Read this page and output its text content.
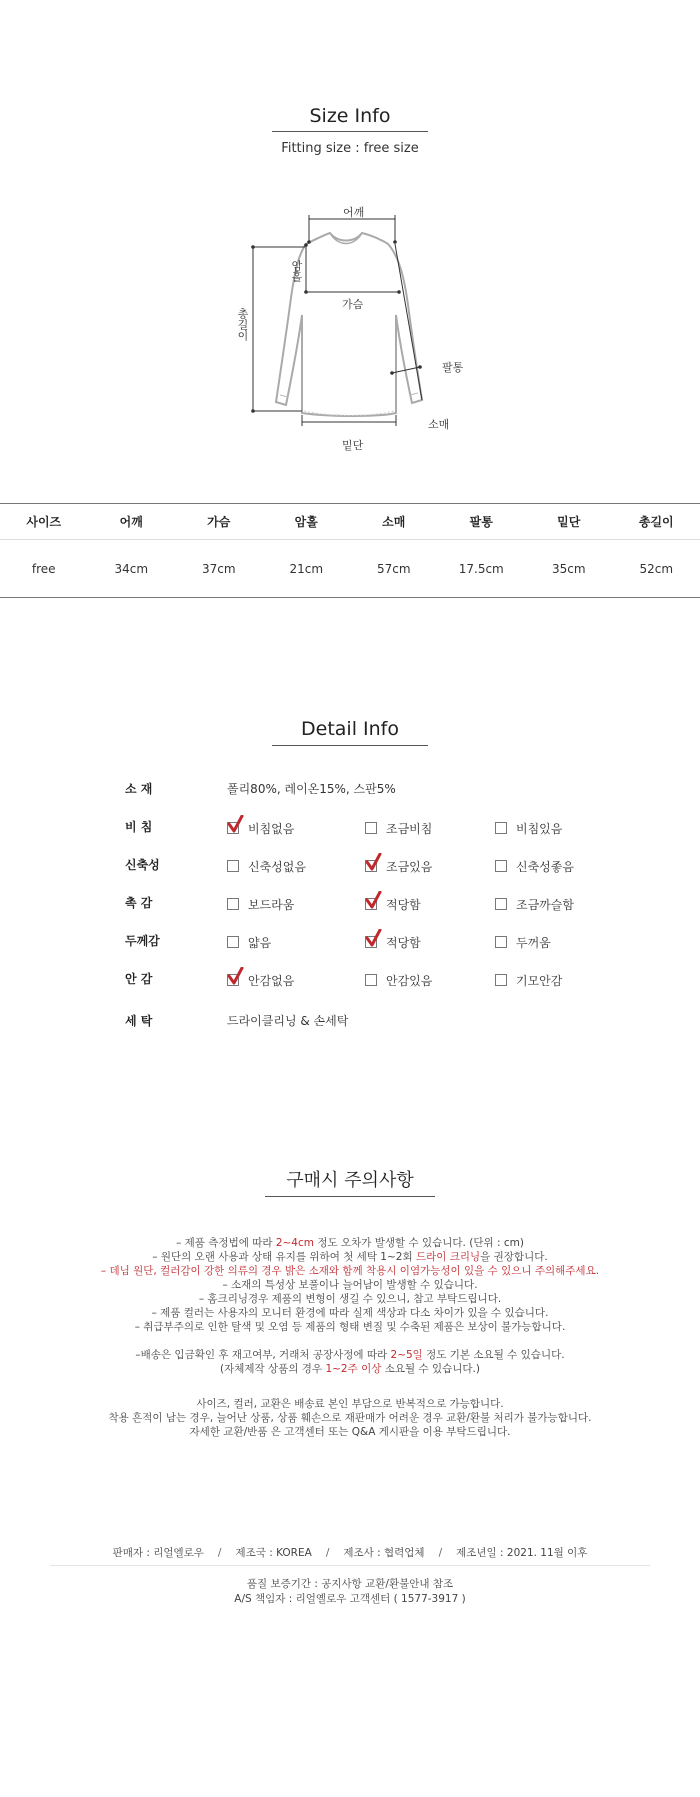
Size Info
Fitting size : free size
어깨
암홀
가슴
총길이
팔통
소매
밑단
사이즈	어깨	가슴	암홀	소매	팔통	밑단	총길이
free	34cm	37cm	21cm	57cm	17.5cm	35cm	52cm
Detail Info
소 재	폴리80%, 레이온15%, 스판5%
비 침	비침없음	조금비침	비침있음
신축성	신축성없음	조금있음	신축성좋음
촉 감	보드라움	적당함	조금까슬함
두께감	얇음	적당함	두꺼움
안 감	안감없음	안감있음	기모안감
세 탁	드라이클리닝 & 손세탁
구매시 주의사항
– 제품 측정법에 따라 2~4cm 정도 오차가 발생할 수 있습니다. (단위 : cm)
– 원단의 오랜 사용과 상태 유지를 위하여 첫 세탁 1~2회 드라이 크리닝을 권장합니다.
– 데님 원단, 컬러감이 강한 의류의 경우 밝은 소재와 함께 착용시 이염가능성이 있을 수 있으니 주의해주세요.
– 소재의 특성상 보풀이나 늘어남이 발생할 수 있습니다.
– 홈크리닝경우 제품의 변형이 생길 수 있으니, 참고 부탁드립니다.
– 제품 컬러는 사용자의 모니터 환경에 따라 실제 색상과 다소 차이가 있을 수 있습니다.
– 취급부주의로 인한 탈색 및 오염 등 제품의 형태 변질 및 수축된 제품은 보상이 불가능합니다.
–배송은 입금확인 후 재고여부, 거래처 공장사정에 따라 2~5일 정도 기본 소요될 수 있습니다.
(자체제작 상품의 경우 1~2주 이상 소요될 수 있습니다.)
사이즈, 컬러, 교환은 배송료 본인 부담으로 반복적으로 가능합니다.
착용 흔적이 남는 경우, 늘어난 상품, 상품 훼손으로 재판매가 어려운 경우 교환/환불 처리가 불가능합니다.
자세한 교환/반품 은 고객센터 또는 Q&A 게시판을 이용 부탁드립니다.
판매자 : 리얼엘로우 / 제조국 : KOREA / 제조사 : 협력업체 / 제조년일 : 2021. 11월 이후
품질 보증기간 : 공지사항 교환/환불안내 참조
A/S 책임자 : 리얼옐로우 고객센터 ( 1577-3917 )
